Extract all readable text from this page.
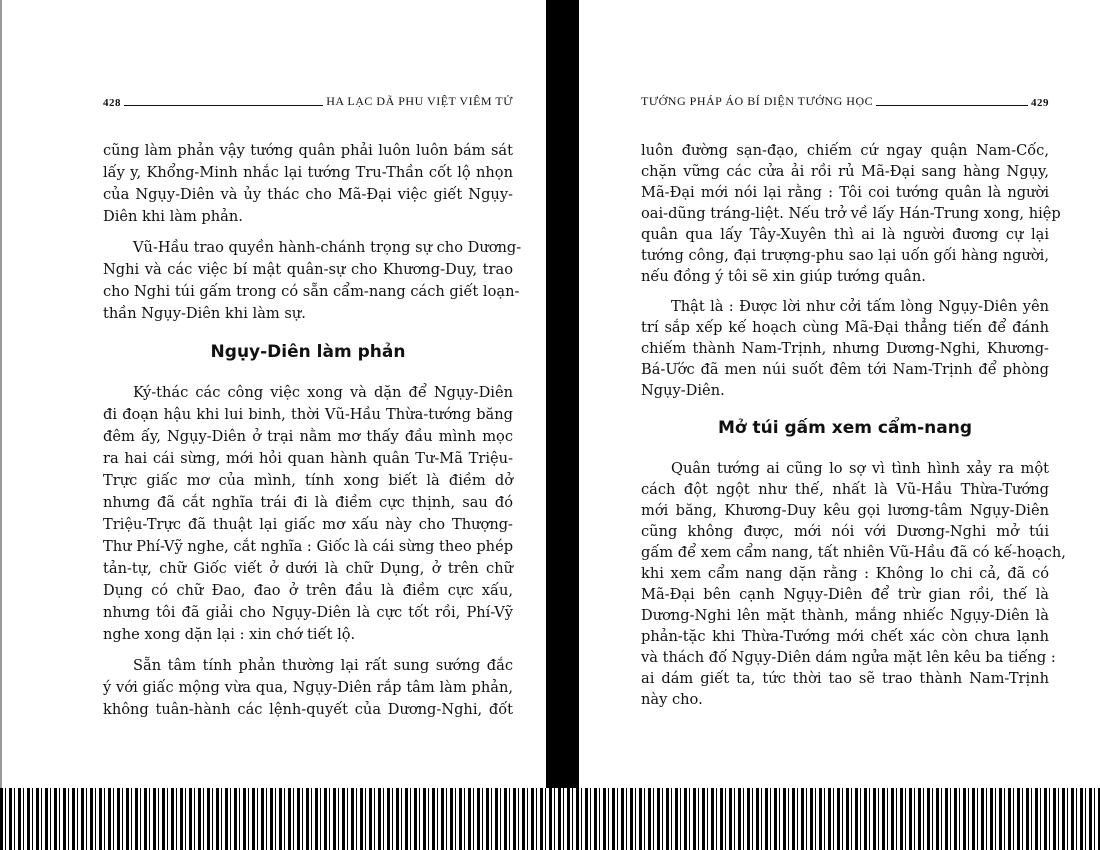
428	HA LẠC DÃ PHU VIỆT VIÊM TỬ
cũng làm phản vậy tướng quân phải luôn luôn bám sát
lấy y, Khổng-Minh nhắc lại tướng Tru-Thần cốt lộ nhọn
của Ngụy-Diên và ủy thác cho Mã-Đại việc giết Ngụy-
Diên khi làm phản.
Vũ-Hầu trao quyền hành-chánh trọng sự cho Dương-
Nghi và các việc bí mật quân-sự cho Khương-Duy, trao
cho Nghi túi gấm trong có sẵn cẩm-nang cách giết loạn-
thần Ngụy-Diên khi làm sự.
Ngụy-Diên làm phản
Ký-thác các công việc xong và dặn để Ngụy-Diên
đi đoạn hậu khi lui binh, thời Vũ-Hầu Thừa-tướng băng
đêm ấy, Ngụy-Diên ở trại nằm mơ thấy đầu mình mọc
ra hai cái sừng, mới hỏi quan hành quân Tư-Mã Triệu-
Trực giấc mơ của mình, tính xong biết là điềm dở
nhưng đã cắt nghĩa trái đi là điềm cực thịnh, sau đó
Triệu-Trực đã thuật lại giấc mơ xấu này cho Thượng-
Thư Phí-Vỹ nghe, cắt nghĩa : Giốc là cái sừng theo phép
tản-tự, chữ Giốc viết ở dưới là chữ Dụng, ở trên chữ
Dụng có chữ Đao, đao ở trên đầu là điềm cực xấu,
nhưng tôi đã giải cho Ngụy-Diên là cực tốt rồi, Phí-Vỹ
nghe xong dặn lại : xin chớ tiết lộ.
Sẵn tâm tính phản thường lại rất sung sướng đắc
ý với giấc mộng vừa qua, Ngụy-Diên rắp tâm làm phản,
không tuân-hành các lệnh-quyết của Dương-Nghi, đốt
TƯỚNG PHÁP ÁO BÍ DIỆN TƯỚNG HỌC	429
luôn đường sạn-đạo, chiếm cứ ngay quận Nam-Cốc,
chặn vững các cửa ải rồi rủ Mã-Đại sang hàng Ngụy,
Mã-Đại mới nói lại rằng : Tôi coi tướng quân là người
oai-dũng tráng-liệt. Nếu trở về lấy Hán-Trung xong, hiệp
quân qua lấy Tây-Xuyên thì ai là người đương cự lại
tướng công, đại trượng-phu sao lại uốn gối hàng người,
nếu đồng ý tôi sẽ xin giúp tướng quân.
Thật là : Được lời như cởi tấm lòng Ngụy-Diên yên
trí sắp xếp kế hoạch cùng Mã-Đại thẳng tiến để đánh
chiếm thành Nam-Trịnh, nhưng Dương-Nghi, Khương-
Bá-Ước đã men núi suốt đêm tới Nam-Trịnh để phòng
Ngụy-Diên.
Mở túi gấm xem cẩm-nang
Quân tướng ai cũng lo sợ vì tình hình xảy ra một
cách đột ngột như thế, nhất là Vũ-Hầu Thừa-Tướng
mới băng, Khương-Duy kêu gọi lương-tâm Ngụy-Diên
cũng không được, mới nói với Dương-Nghi mở túi
gấm để xem cẩm nang, tất nhiên Vũ-Hầu đã có kế-hoạch,
khi xem cẩm nang dặn rằng : Không lo chi cả, đã có
Mã-Đại bên cạnh Ngụy-Diên để trừ gian rồi, thế là
Dương-Nghi lên mặt thành, mắng nhiếc Ngụy-Diên là
phản-tặc khi Thừa-Tướng mới chết xác còn chưa lạnh
và thách đố Ngụy-Diên dám ngửa mặt lên kêu ba tiếng :
ai dám giết ta, tức thời tao sẽ trao thành Nam-Trịnh
này cho.
